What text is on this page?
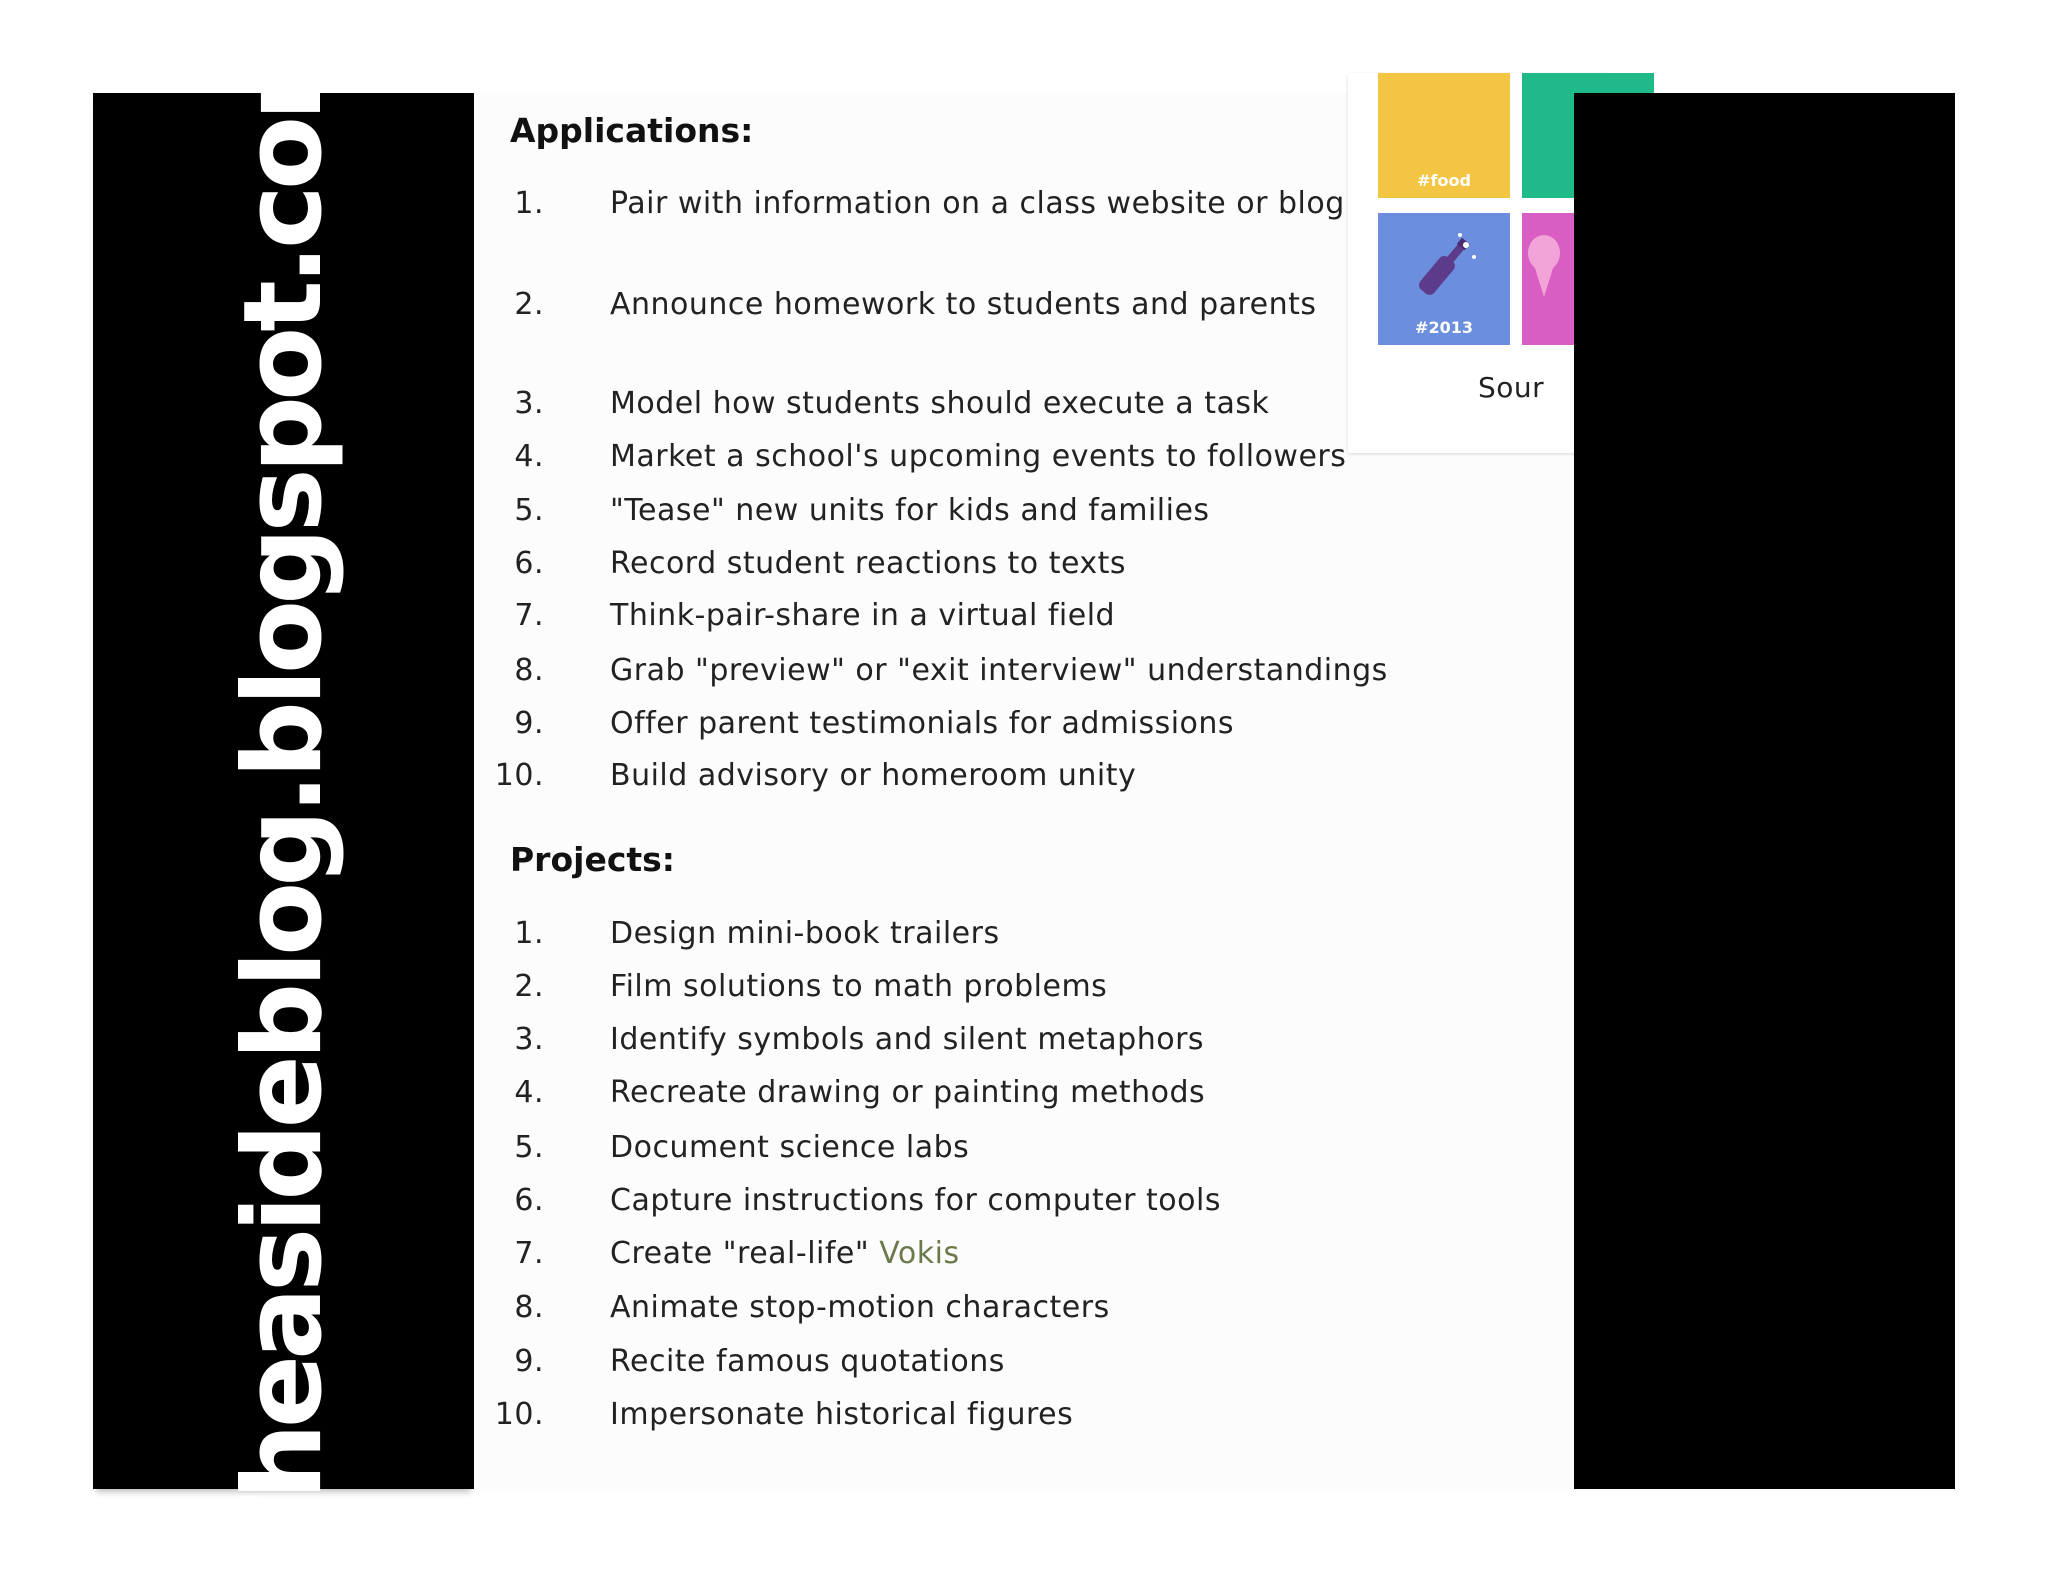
Theasideblog.blogspot.com	#food
#2013
Sour
Applications:
1. Pair with information on a class website or blog
2. Announce homework to students and parents
3. Model how students should execute a task
4. Market a school's upcoming events to followers
5. "Tease" new units for kids and families
6. Record student reactions to texts
7. Think-pair-share in a virtual field
8. Grab "preview" or "exit interview" understandings
9. Offer parent testimonials for admissions
10. Build advisory or homeroom unity
Projects:
1. Design mini-book trailers
2. Film solutions to math problems
3. Identify symbols and silent metaphors
4. Recreate drawing or painting methods
5. Document science labs
6. Capture instructions for computer tools
7. Create "real-life" Vokis
8. Animate stop-motion characters
9. Recite famous quotations
10. Impersonate historical figures
